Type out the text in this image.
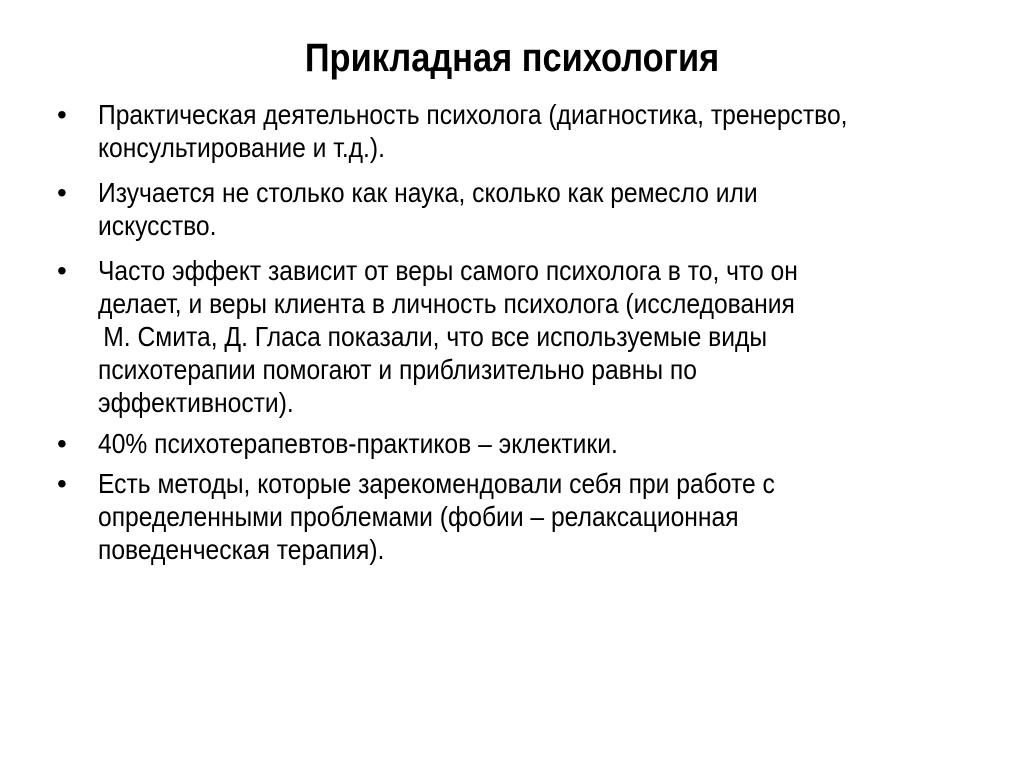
Прикладная психология
• Практическая деятельность психолога (диагностика, тренерство,
консультирование и т.д.).
• Изучается не столько как наука, сколько как ремесло или
искусство.
• Часто эффект зависит от веры самого психолога в то, что он
делает, и веры клиента в личность психолога (исследования
М. Смита, Д. Гласа показали, что все используемые виды
психотерапии помогают и приблизительно равны по
эффективности).
• 40% психотерапевтов-практиков – эклектики.
• Есть методы, которые зарекомендовали себя при работе с
определенными проблемами (фобии – релаксационная
поведенческая терапия).
